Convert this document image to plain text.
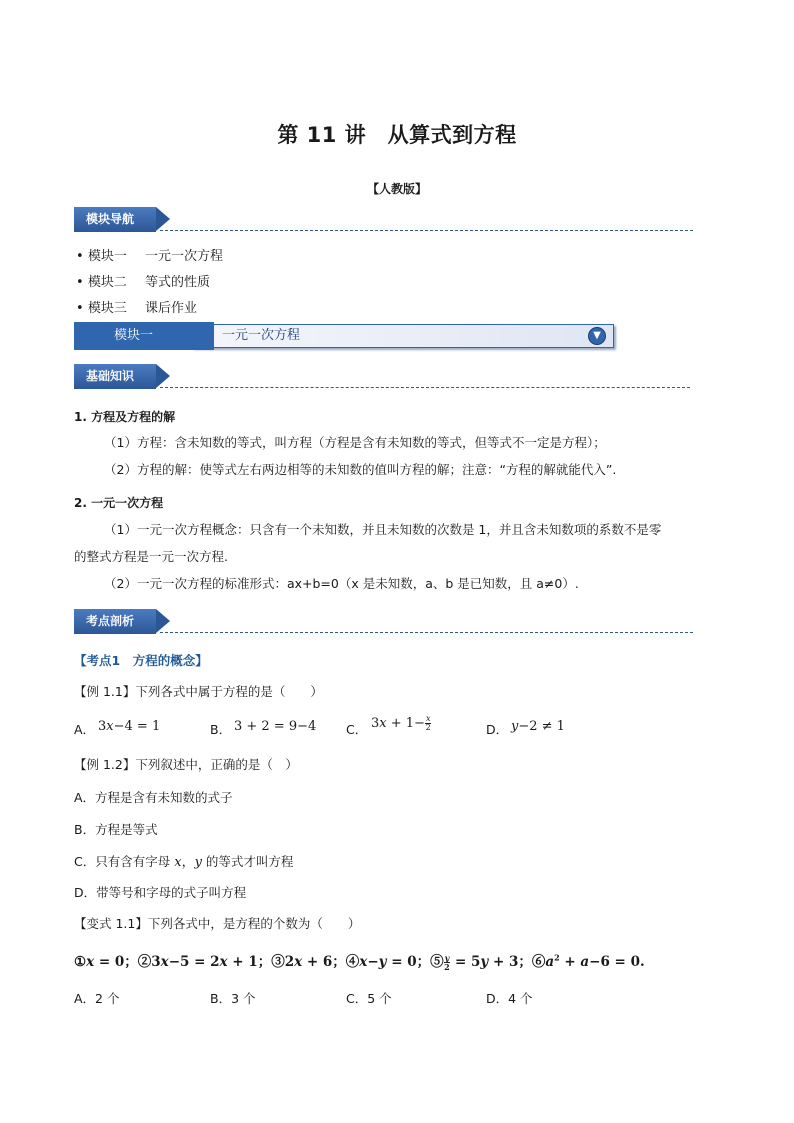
第 11 讲　从算式到方程
【人教版】
模块导航
• 模块一 一元一次方程
• 模块二 等式的性质
• 模块三 课后作业
模块一	一元一次方程	▼
基础知识
1. 方程及方程的解
（1）方程：含未知数的等式，叫方程（方程是含有未知数的等式，但等式不一定是方程）；
（2）方程的解：使等式左右两边相等的未知数的值叫方程的解；注意：“方程的解就能代入”.
2. 一元一次方程
（1）一元一次方程概念：只含有一个未知数，并且未知数的次数是 1，并且含未知数项的系数不是零
的整式方程是一元一次方程.
（2）一元一次方程的标准形式：ax+b=0（x 是未知数，a、b 是已知数，且 a≠0）.
考点剖析
【考点1　方程的概念】
【例 1.1】下列各式中属于方程的是（　　）
A． 3x−4 = 1	B． 3 + 2 = 9−4 C． $3x + 1- \frac{x}{2}$	D． y−2 ≠ 1
【例 1.2】下列叙述中，正确的是（　）
A．方程是含有未知数的式子
B．方程是等式
C．只有含有字母 x，y 的等式才叫方程
D．带等号和字母的式子叫方程
【变式 1.1】下列各式中，是方程的个数为（　　）
①x = 0；②3x−5 = 2x + 1；③2x + 6；④x−y = 0；⑤ $\frac{y}{2} = 5y + 3$；$⑥a^2 + a-6 = 0$.
A．2 个	B．3 个	C．5 个	D．4 个
